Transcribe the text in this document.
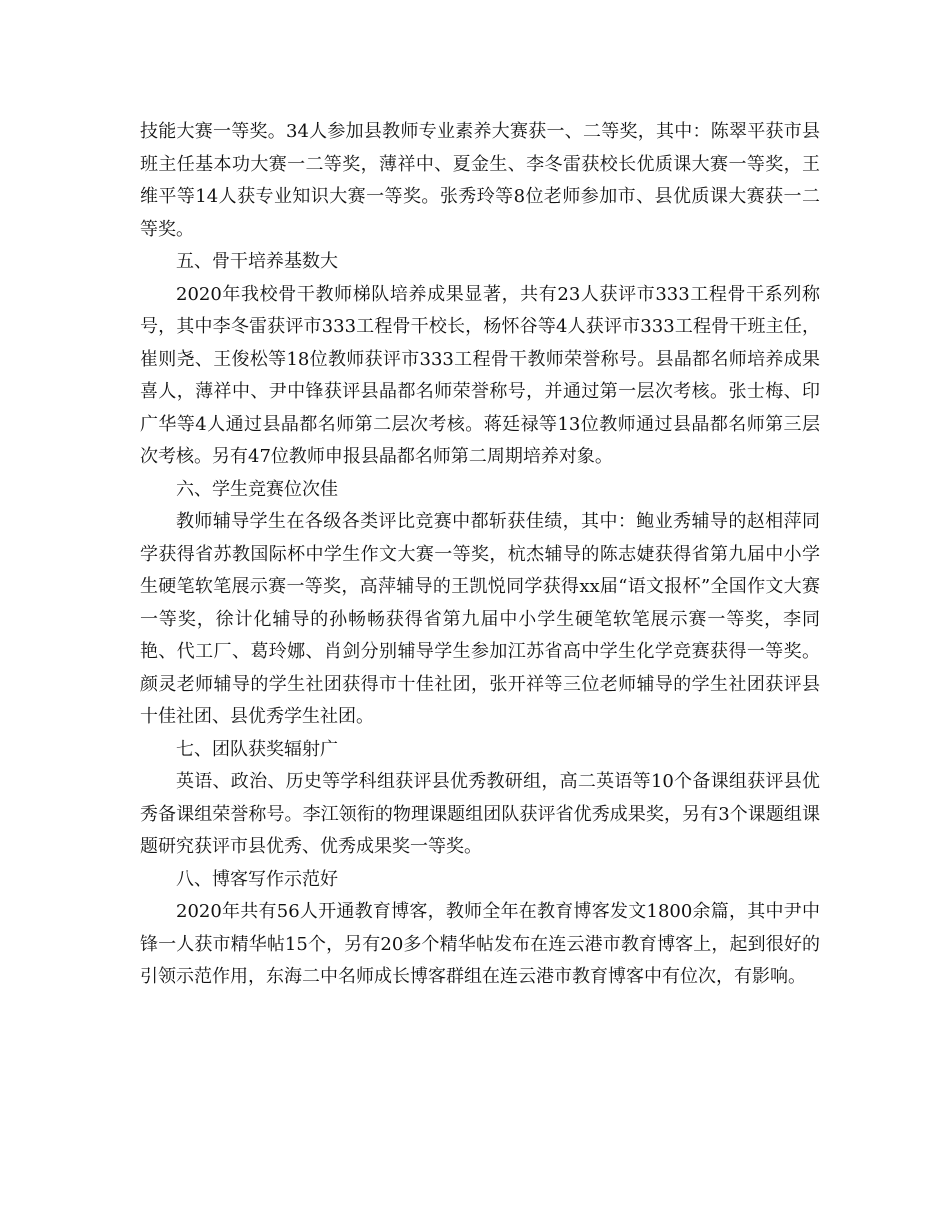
技能大赛一等奖。34人参加县教师专业素养大赛获一、二等奖，其中：陈翠平获市县班主任基本功大赛一二等奖，薄祥中、夏金生、李冬雷获校长优质课大赛一等奖，王维平等14人获专业知识大赛一等奖。张秀玲等8位老师参加市、县优质课大赛获一二等奖。

五、骨干培养基数大

2020年我校骨干教师梯队培养成果显著，共有23人获评市333工程骨干系列称号，其中李冬雷获评市333工程骨干校长，杨怀谷等4人获评市333工程骨干班主任，崔则尧、王俊松等18位教师获评市333工程骨干教师荣誉称号。县晶都名师培养成果喜人，薄祥中、尹中锋获评县晶都名师荣誉称号，并通过第一层次考核。张士梅、印广华等4人通过县晶都名师第二层次考核。蒋廷禄等13位教师通过县晶都名师第三层次考核。另有47位教师申报县晶都名师第二周期培养对象。

六、学生竞赛位次佳

教师辅导学生在各级各类评比竞赛中都斩获佳绩，其中：鲍业秀辅导的赵相萍同学获得省苏教国际杯中学生作文大赛一等奖，杭杰辅导的陈志婕获得省第九届中小学生硬笔软笔展示赛一等奖，高萍辅导的王凯悦同学获得xx届“语文报杯”全国作文大赛一等奖，徐计化辅导的孙畅畅获得省第九届中小学生硬笔软笔展示赛一等奖，李同艳、代工厂、葛玲娜、肖剑分别辅导学生参加江苏省高中学生化学竞赛获得一等奖。颜灵老师辅导的学生社团获得市十佳社团，张开祥等三位老师辅导的学生社团获评县十佳社团、县优秀学生社团。

七、团队获奖辐射广

英语、政治、历史等学科组获评县优秀教研组，高二英语等10个备课组获评县优秀备课组荣誉称号。李江领衔的物理课题组团队获评省优秀成果奖，另有3个课题组课题研究获评市县优秀、优秀成果奖一等奖。

八、博客写作示范好

2020年共有56人开通教育博客，教师全年在教育博客发文1800余篇，其中尹中锋一人获市精华帖15个，另有20多个精华帖发布在连云港市教育博客上，起到很好的引领示范作用，东海二中名师成长博客群组在连云港市教育博客中有位次，有影响。
